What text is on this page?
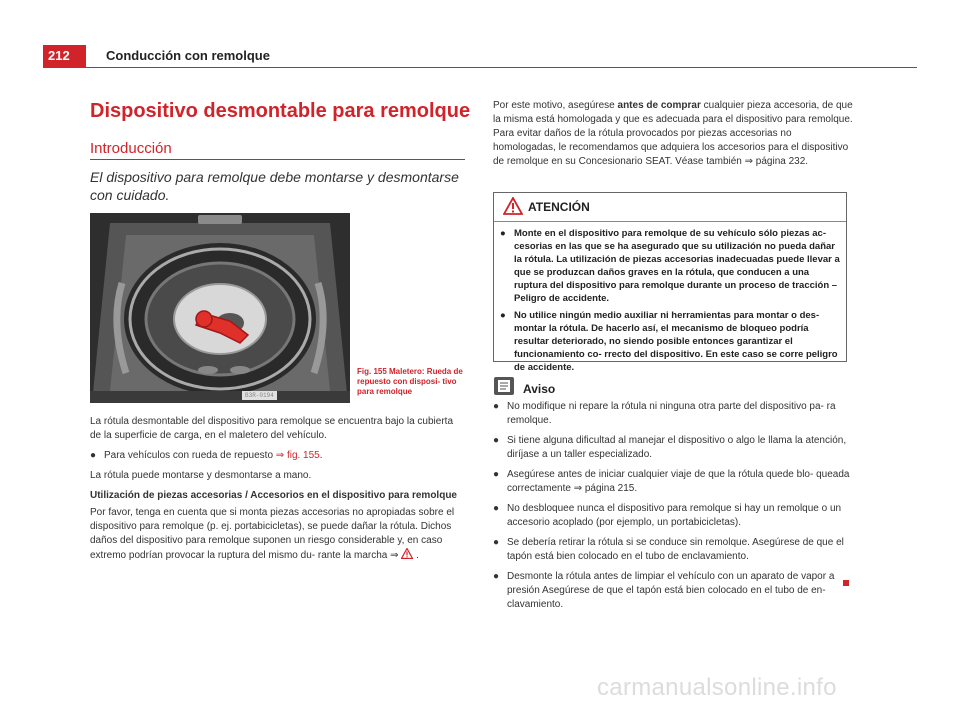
212	Conducción con remolque
Dispositivo desmontable para remolque
Introducción
El dispositivo para remolque debe montarse y desmontarse con cuidado.
B3R-0194
Fig. 155 Maletero: Rueda de repuesto con disposi- tivo para remolque

La rótula desmontable del dispositivo para remolque se encuentra bajo la cubierta de la superficie de carga, en el maletero del vehículo.

● Para vehículos con rueda de repuesto ⇒ fig. 155.

La rótula puede montarse y desmontarse a mano.

Utilización de piezas accesorias / Accesorios en el dispositivo para remolque

Por favor, tenga en cuenta que si monta piezas accesorias no apropiadas sobre el dispositivo para remolque (p. ej. portabicicletas), se puede dañar la rótula. Dichos daños del dispositivo para remolque suponen un riesgo considerable y, en caso extremo podrían provocar la ruptura del mismo du- rante la marcha ⇒ .

Por este motivo, asegúrese antes de comprar cualquier pieza accesoria, de que la misma está homologada y que es adecuada para el dispositivo para remolque. Para evitar daños de la rótula provocados por piezas accesorias no homologadas, le recomendamos que adquiera los accesorios para el dispositivo de remolque en su Concesionario SEAT. Véase también ⇒ página 232.

ATENCIÓN
● Monte en el dispositivo para remolque de su vehículo sólo piezas ac- cesorias en las que se ha asegurado que su utilización no pueda dañar la rótula. La utilización de piezas accesorias inadecuadas puede llevar a que se produzcan daños graves en la rótula, que conducen a una ruptura del dispositivo para remolque durante un proceso de tracción – Peligro de accidente.
● No utilice ningún medio auxiliar ni herramientas para montar o des- montar la rótula. De hacerlo así, el mecanismo de bloqueo podría resultar deteriorado, no siendo posible entonces garantizar el funcionamiento co- rrecto del dispositivo. En este caso se corre peligro de accidente.
Aviso
● No modifique ni repare la rótula ni ninguna otra parte del dispositivo pa- ra remolque.
● Si tiene alguna dificultad al manejar el dispositivo o algo le llama la atención, diríjase a un taller especializado.
● Asegúrese antes de iniciar cualquier viaje de que la rótula quede blo- queada correctamente ⇒ página 215.
● No desbloquee nunca el dispositivo para remolque si hay un remolque o un accesorio acoplado (por ejemplo, un portabicicletas).
● Se debería retirar la rótula si se conduce sin remolque. Asegúrese de que el tapón está bien colocado en el tubo de enclavamiento.
● Desmonte la rótula antes de limpiar el vehículo con un aparato de vapor a presión Asegúrese de que el tapón está bien colocado en el tubo de en- clavamiento.
carmanualsonline.info
